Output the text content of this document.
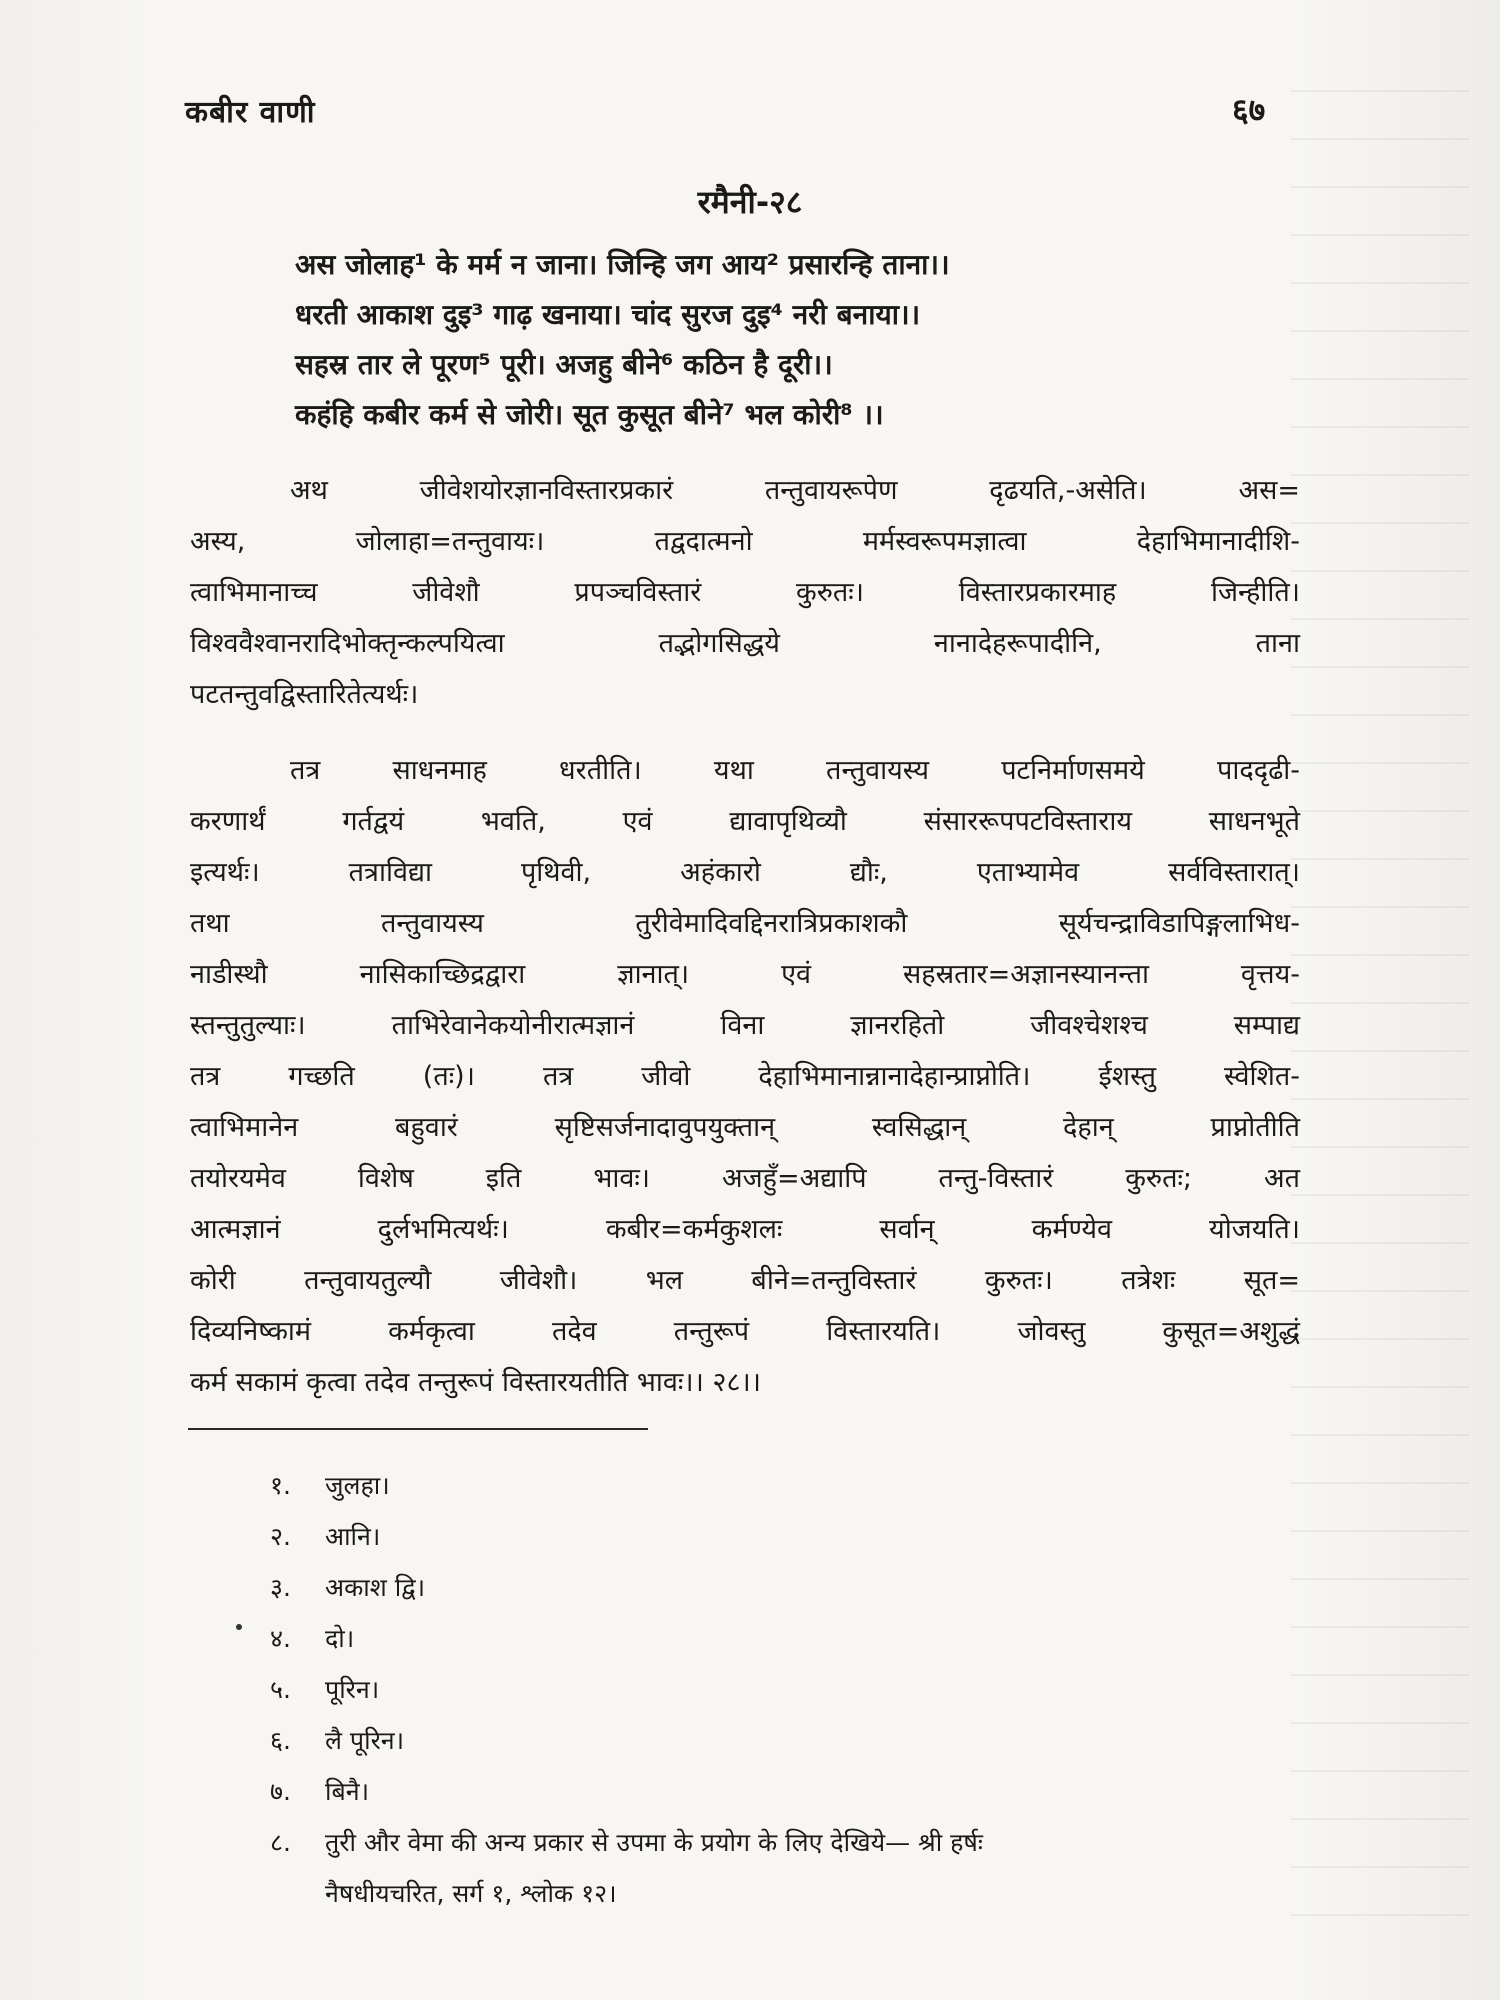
कबीर वाणी	६७
रमैनी-२८
अस जोलाह¹ के मर्म न जाना। जिन्हि जग आय² प्रसारन्हि ताना।।
धरती आकाश दुइ³ गाढ़ खनाया। चांद सुरज दुइ⁴ नरी बनाया।।
सहस्र तार ले पूरण⁵ पूरी। अजहु बीने⁶ कठिन है दूरी।।
कहंहि कबीर कर्म से जोरी। सूत कुसूत बीने⁷ भल कोरी⁸ ।।
अथ जीवेशयोरज्ञानविस्तारप्रकारं तन्तुवायरूपेण दृढयति,-असेति। अस=
अस्य, जोलाहा=तन्तुवायः। तद्वदात्मनो मर्मस्वरूपमज्ञात्वा देहाभिमानादीशि-
त्वाभिमानाच्च जीवेशौ प्रपञ्चविस्तारं कुरुतः। विस्तारप्रकारमाह जिन्हीति।
विश्ववैश्वानरादिभोक्तृन्कल्पयित्वा तद्भोगसिद्धये नानादेहरूपादीनि, ताना
पटतन्तुवद्विस्तारितेत्यर्थः।
तत्र साधनमाह धरतीति। यथा तन्तुवायस्य पटनिर्माणसमये पाददृढी-
करणार्थं गर्तद्वयं भवति, एवं द्यावापृथिव्यौ संसाररूपपटविस्ताराय साधनभूते
इत्यर्थः। तत्राविद्या पृथिवी, अहंकारो द्यौः, एताभ्यामेव सर्वविस्तारात्।
तथा तन्तुवायस्य तुरीवेमादिवद्दिनरात्रिप्रकाशकौ सूर्यचन्द्राविडापिङ्गलाभिध-
नाडीस्थौ नासिकाच्छिद्रद्वारा ज्ञानात्। एवं सहस्रतार=अज्ञानस्यानन्ता वृत्तय-
स्तन्तुतुल्याः। ताभिरेवानेकयोनीरात्मज्ञानं विना ज्ञानरहितो जीवश्चेशश्च सम्पाद्य
तत्र गच्छति (तः)। तत्र जीवो देहाभिमानान्नानादेहान्प्राप्नोति। ईशस्तु स्वेशित-
त्वाभिमानेन बहुवारं सृष्टिसर्जनादावुपयुक्तान् स्वसिद्धान् देहान् प्राप्नोतीति
तयोरयमेव विशेष इति भावः। अजहुँ=अद्यापि तन्तु-विस्तारं कुरुतः; अत
आत्मज्ञानं दुर्लभमित्यर्थः। कबीर=कर्मकुशलः सर्वान् कर्मण्येव योजयति।
कोरी तन्तुवायतुल्यौ जीवेशौ। भल बीने=तन्तुविस्तारं कुरुतः। तत्रेशः सूत=
दिव्यनिष्कामं कर्मकृत्वा तदेव तन्तुरूपं विस्तारयति। जोवस्तु कुसूत=अशुद्धं
कर्म सकामं कृत्वा तदेव तन्तुरूपं विस्तारयतीति भावः।। २८।।
१.	जुलहा।
२.	आनि।
३.	अकाश द्वि।
४.	दो।
५.	पूरिन।
६.	लै पूरिन।
७.	बिनै।
८.	तुरी और वेमा की अन्य प्रकार से उपमा के प्रयोग के लिए देखिये— श्री हर्षः
नैषधीयचरित, सर्ग १, श्लोक १२।
